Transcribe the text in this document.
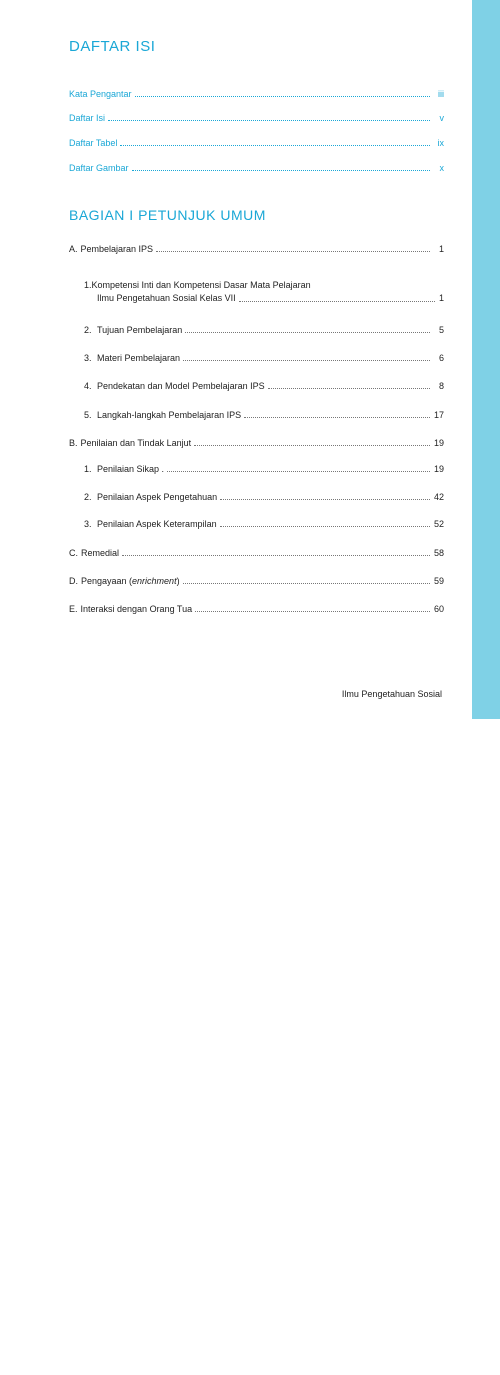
DAFTAR ISI
Kata Pengantar	iii
Daftar Isi	v
Daftar Tabel	ix
Daftar Gambar	x
BAGIAN I PETUNJUK UMUM
A. Pembelajaran IPS	1
1. Kompetensi Inti dan Kompetensi Dasar Mata Pelajaran
Ilmu Pengetahuan Sosial Kelas VII	1
2. Tujuan Pembelajaran	5
3. Materi Pembelajaran	6
4. Pendekatan dan Model Pembelajaran IPS	8
5. Langkah-langkah Pembelajaran IPS	17
B. Penilaian dan Tindak Lanjut	19
1. Penilaian Sikap .	19
2. Penilaian Aspek Pengetahuan	42
3. Penilaian Aspek Keterampilan	52
C. Remedial	58
D. Pengayaan (enrichment)	59
E. Interaksi dengan Orang Tua	60
Ilmu Pengetahuan Sosial
